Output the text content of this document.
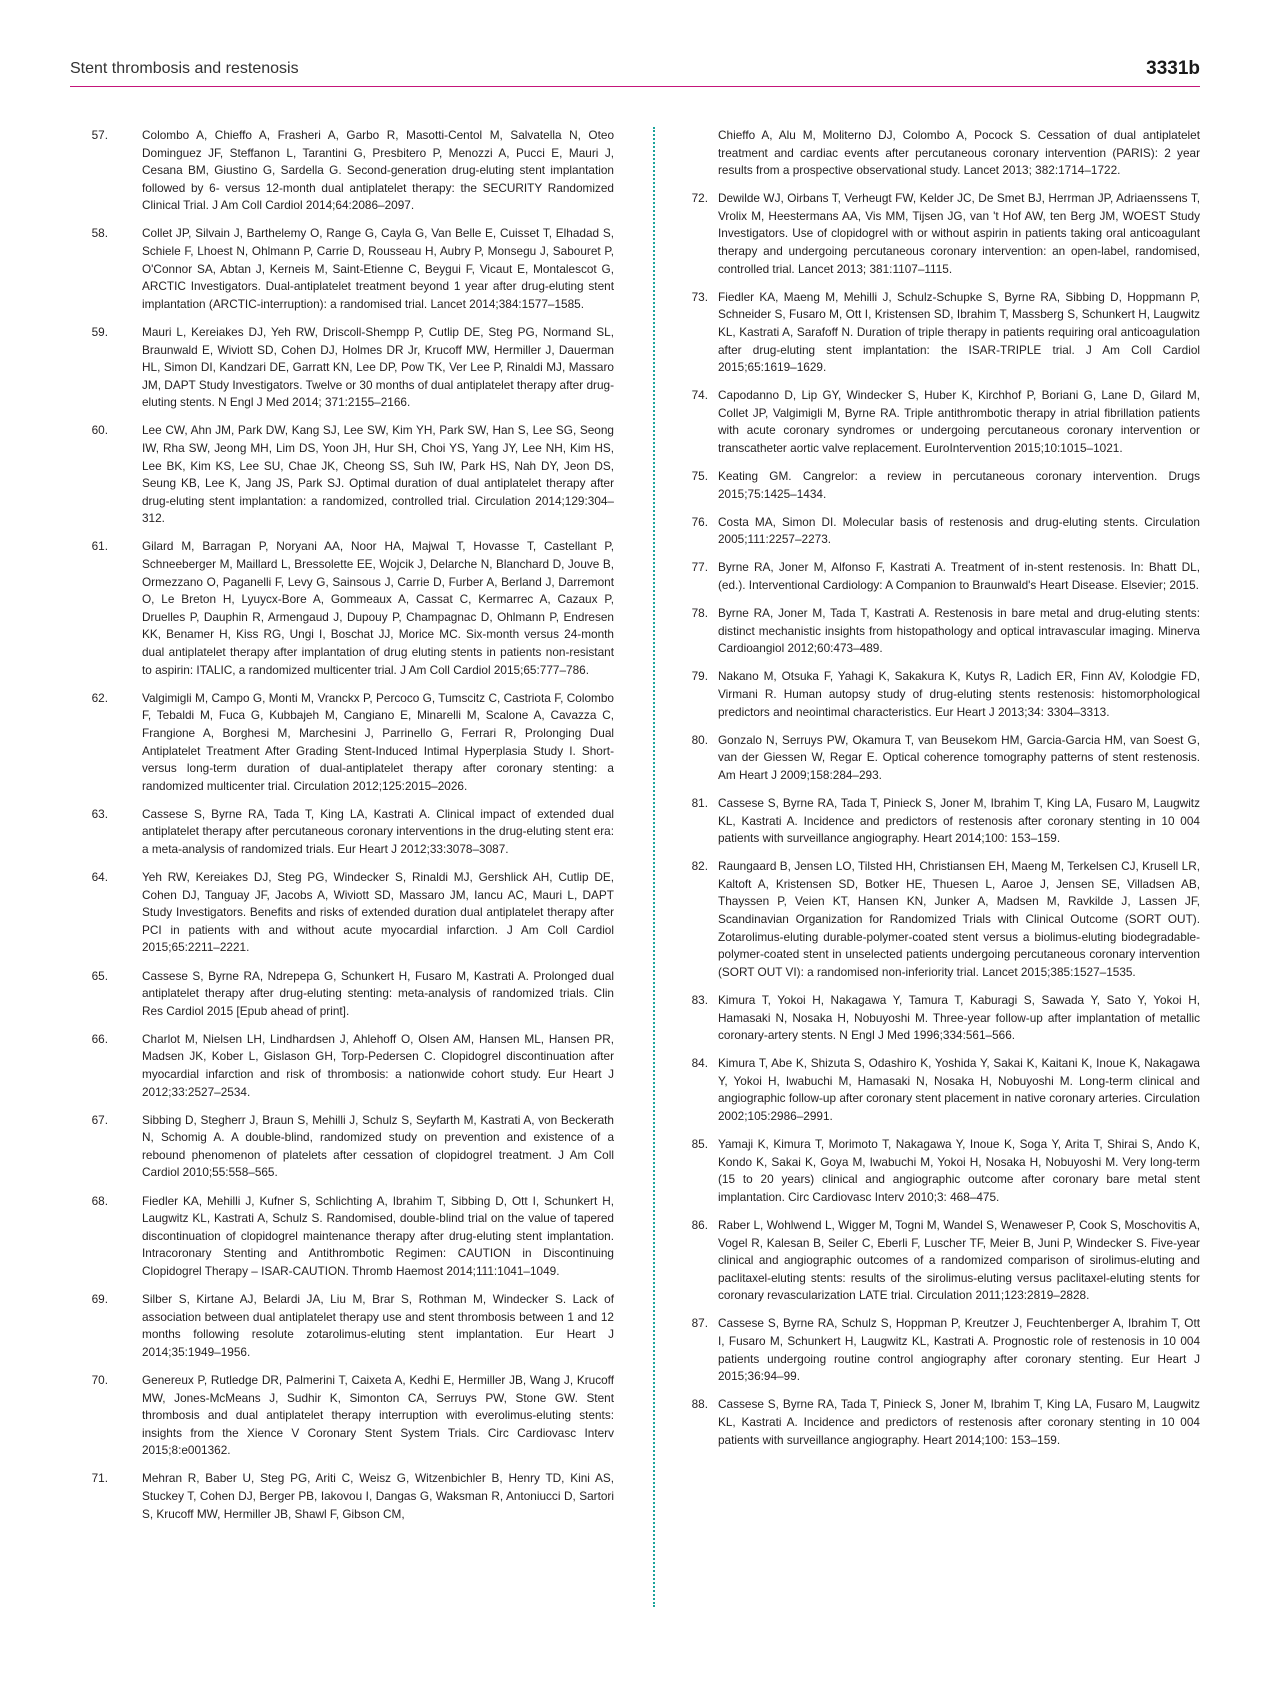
Stent thrombosis and restenosis	3331b
57.	Colombo A, Chieffo A, Frasheri A, Garbo R, Masotti-Centol M, Salvatella N, Oteo Dominguez JF, Steffanon L, Tarantini G, Presbitero P, Menozzi A, Pucci E, Mauri J, Cesana BM, Giustino G, Sardella G. Second-generation drug-eluting stent implantation followed by 6- versus 12-month dual antiplatelet therapy: the SECURITY Randomized Clinical Trial. J Am Coll Cardiol 2014;64:2086–2097.
58.	Collet JP, Silvain J, Barthelemy O, Range G, Cayla G, Van Belle E, Cuisset T, Elhadad S, Schiele F, Lhoest N, Ohlmann P, Carrie D, Rousseau H, Aubry P, Monsegu J, Sabouret P, O'Connor SA, Abtan J, Kerneis M, Saint-Etienne C, Beygui F, Vicaut E, Montalescot G, ARCTIC Investigators. Dual-antiplatelet treatment beyond 1 year after drug-eluting stent implantation (ARCTIC-interruption): a randomised trial. Lancet 2014;384:1577–1585.
59.	Mauri L, Kereiakes DJ, Yeh RW, Driscoll-Shempp P, Cutlip DE, Steg PG, Normand SL, Braunwald E, Wiviott SD, Cohen DJ, Holmes DR Jr, Krucoff MW, Hermiller J, Dauerman HL, Simon DI, Kandzari DE, Garratt KN, Lee DP, Pow TK, Ver Lee P, Rinaldi MJ, Massaro JM, DAPT Study Investigators. Twelve or 30 months of dual antiplatelet therapy after drug-eluting stents. N Engl J Med 2014; 371:2155–2166.
60.	Lee CW, Ahn JM, Park DW, Kang SJ, Lee SW, Kim YH, Park SW, Han S, Lee SG, Seong IW, Rha SW, Jeong MH, Lim DS, Yoon JH, Hur SH, Choi YS, Yang JY, Lee NH, Kim HS, Lee BK, Kim KS, Lee SU, Chae JK, Cheong SS, Suh IW, Park HS, Nah DY, Jeon DS, Seung KB, Lee K, Jang JS, Park SJ. Optimal duration of dual antiplatelet therapy after drug-eluting stent implantation: a randomized, controlled trial. Circulation 2014;129:304–312.
61.	Gilard M, Barragan P, Noryani AA, Noor HA, Majwal T, Hovasse T, Castellant P, Schneeberger M, Maillard L, Bressolette EE, Wojcik J, Delarche N, Blanchard D, Jouve B, Ormezzano O, Paganelli F, Levy G, Sainsous J, Carrie D, Furber A, Berland J, Darremont O, Le Breton H, Lyuycx-Bore A, Gommeaux A, Cassat C, Kermarrec A, Cazaux P, Druelles P, Dauphin R, Armengaud J, Dupouy P, Champagnac D, Ohlmann P, Endresen KK, Benamer H, Kiss RG, Ungi I, Boschat JJ, Morice MC. Six-month versus 24-month dual antiplatelet therapy after implantation of drug eluting stents in patients non-resistant to aspirin: ITALIC, a randomized multicenter trial. J Am Coll Cardiol 2015;65:777–786.
62.	Valgimigli M, Campo G, Monti M, Vranckx P, Percoco G, Tumscitz C, Castriota F, Colombo F, Tebaldi M, Fuca G, Kubbajeh M, Cangiano E, Minarelli M, Scalone A, Cavazza C, Frangione A, Borghesi M, Marchesini J, Parrinello G, Ferrari R, Prolonging Dual Antiplatelet Treatment After Grading Stent-Induced Intimal Hyperplasia Study I. Short- versus long-term duration of dual-antiplatelet therapy after coronary stenting: a randomized multicenter trial. Circulation 2012;125:2015–2026.
63.	Cassese S, Byrne RA, Tada T, King LA, Kastrati A. Clinical impact of extended dual antiplatelet therapy after percutaneous coronary interventions in the drug-eluting stent era: a meta-analysis of randomized trials. Eur Heart J 2012;33:3078–3087.
64.	Yeh RW, Kereiakes DJ, Steg PG, Windecker S, Rinaldi MJ, Gershlick AH, Cutlip DE, Cohen DJ, Tanguay JF, Jacobs A, Wiviott SD, Massaro JM, Iancu AC, Mauri L, DAPT Study Investigators. Benefits and risks of extended duration dual antiplatelet therapy after PCI in patients with and without acute myocardial infarction. J Am Coll Cardiol 2015;65:2211–2221.
65.	Cassese S, Byrne RA, Ndrepepa G, Schunkert H, Fusaro M, Kastrati A. Prolonged dual antiplatelet therapy after drug-eluting stenting: meta-analysis of randomized trials. Clin Res Cardiol 2015 [Epub ahead of print].
66.	Charlot M, Nielsen LH, Lindhardsen J, Ahlehoff O, Olsen AM, Hansen ML, Hansen PR, Madsen JK, Kober L, Gislason GH, Torp-Pedersen C. Clopidogrel discontinuation after myocardial infarction and risk of thrombosis: a nationwide cohort study. Eur Heart J 2012;33:2527–2534.
67.	Sibbing D, Stegherr J, Braun S, Mehilli J, Schulz S, Seyfarth M, Kastrati A, von Beckerath N, Schomig A. A double-blind, randomized study on prevention and existence of a rebound phenomenon of platelets after cessation of clopidogrel treatment. J Am Coll Cardiol 2010;55:558–565.
68.	Fiedler KA, Mehilli J, Kufner S, Schlichting A, Ibrahim T, Sibbing D, Ott I, Schunkert H, Laugwitz KL, Kastrati A, Schulz S. Randomised, double-blind trial on the value of tapered discontinuation of clopidogrel maintenance therapy after drug-eluting stent implantation. Intracoronary Stenting and Antithrombotic Regimen: CAUTION in Discontinuing Clopidogrel Therapy – ISAR-CAUTION. Thromb Haemost 2014;111:1041–1049.
69.	Silber S, Kirtane AJ, Belardi JA, Liu M, Brar S, Rothman M, Windecker S. Lack of association between dual antiplatelet therapy use and stent thrombosis between 1 and 12 months following resolute zotarolimus-eluting stent implantation. Eur Heart J 2014;35:1949–1956.
70.	Genereux P, Rutledge DR, Palmerini T, Caixeta A, Kedhi E, Hermiller JB, Wang J, Krucoff MW, Jones-McMeans J, Sudhir K, Simonton CA, Serruys PW, Stone GW. Stent thrombosis and dual antiplatelet therapy interruption with everolimus-eluting stents: insights from the Xience V Coronary Stent System Trials. Circ Cardiovasc Interv 2015;8:e001362.
71.	Mehran R, Baber U, Steg PG, Ariti C, Weisz G, Witzenbichler B, Henry TD, Kini AS, Stuckey T, Cohen DJ, Berger PB, Iakovou I, Dangas G, Waksman R, Antoniucci D, Sartori S, Krucoff MW, Hermiller JB, Shawl F, Gibson CM,
Chieffo A, Alu M, Moliterno DJ, Colombo A, Pocock S. Cessation of dual antiplatelet treatment and cardiac events after percutaneous coronary intervention (PARIS): 2 year results from a prospective observational study. Lancet 2013; 382:1714–1722.
72. Dewilde WJ, Oirbans T, Verheugt FW, Kelder JC, De Smet BJ, Herrman JP, Adriaenssens T, Vrolix M, Heestermans AA, Vis MM, Tijsen JG, van 't Hof AW, ten Berg JM, WOEST Study Investigators. Use of clopidogrel with or without aspirin in patients taking oral anticoagulant therapy and undergoing percutaneous coronary intervention: an open-label, randomised, controlled trial. Lancet 2013; 381:1107–1115.
73. Fiedler KA, Maeng M, Mehilli J, Schulz-Schupke S, Byrne RA, Sibbing D, Hoppmann P, Schneider S, Fusaro M, Ott I, Kristensen SD, Ibrahim T, Massberg S, Schunkert H, Laugwitz KL, Kastrati A, Sarafoff N. Duration of triple therapy in patients requiring oral anticoagulation after drug-eluting stent implantation: the ISAR-TRIPLE trial. J Am Coll Cardiol 2015;65:1619–1629.
74. Capodanno D, Lip GY, Windecker S, Huber K, Kirchhof P, Boriani G, Lane D, Gilard M, Collet JP, Valgimigli M, Byrne RA. Triple antithrombotic therapy in atrial fibrillation patients with acute coronary syndromes or undergoing percutaneous coronary intervention or transcatheter aortic valve replacement. EuroIntervention 2015;10:1015–1021.
75. Keating GM. Cangrelor: a review in percutaneous coronary intervention. Drugs 2015;75:1425–1434.
76. Costa MA, Simon DI. Molecular basis of restenosis and drug-eluting stents. Circulation 2005;111:2257–2273.
77. Byrne RA, Joner M, Alfonso F, Kastrati A. Treatment of in-stent restenosis. In: Bhatt DL, (ed.). Interventional Cardiology: A Companion to Braunwald's Heart Disease. Elsevier; 2015.
78. Byrne RA, Joner M, Tada T, Kastrati A. Restenosis in bare metal and drug-eluting stents: distinct mechanistic insights from histopathology and optical intravascular imaging. Minerva Cardioangiol 2012;60:473–489.
79. Nakano M, Otsuka F, Yahagi K, Sakakura K, Kutys R, Ladich ER, Finn AV, Kolodgie FD, Virmani R. Human autopsy study of drug-eluting stents restenosis: histomorphological predictors and neointimal characteristics. Eur Heart J 2013;34: 3304–3313.
80. Gonzalo N, Serruys PW, Okamura T, van Beusekom HM, Garcia-Garcia HM, van Soest G, van der Giessen W, Regar E. Optical coherence tomography patterns of stent restenosis. Am Heart J 2009;158:284–293.
81. Cassese S, Byrne RA, Tada T, Pinieck S, Joner M, Ibrahim T, King LA, Fusaro M, Laugwitz KL, Kastrati A. Incidence and predictors of restenosis after coronary stenting in 10 004 patients with surveillance angiography. Heart 2014;100: 153–159.
82. Raungaard B, Jensen LO, Tilsted HH, Christiansen EH, Maeng M, Terkelsen CJ, Krusell LR, Kaltoft A, Kristensen SD, Botker HE, Thuesen L, Aaroe J, Jensen SE, Villadsen AB, Thayssen P, Veien KT, Hansen KN, Junker A, Madsen M, Ravkilde J, Lassen JF, Scandinavian Organization for Randomized Trials with Clinical Outcome (SORT OUT). Zotarolimus-eluting durable-polymer-coated stent versus a biolimus-eluting biodegradable-polymer-coated stent in unselected patients undergoing percutaneous coronary intervention (SORT OUT VI): a randomised non-inferiority trial. Lancet 2015;385:1527–1535.
83. Kimura T, Yokoi H, Nakagawa Y, Tamura T, Kaburagi S, Sawada Y, Sato Y, Yokoi H, Hamasaki N, Nosaka H, Nobuyoshi M. Three-year follow-up after implantation of metallic coronary-artery stents. N Engl J Med 1996;334:561–566.
84. Kimura T, Abe K, Shizuta S, Odashiro K, Yoshida Y, Sakai K, Kaitani K, Inoue K, Nakagawa Y, Yokoi H, Iwabuchi M, Hamasaki N, Nosaka H, Nobuyoshi M. Long-term clinical and angiographic follow-up after coronary stent placement in native coronary arteries. Circulation 2002;105:2986–2991.
85. Yamaji K, Kimura T, Morimoto T, Nakagawa Y, Inoue K, Soga Y, Arita T, Shirai S, Ando K, Kondo K, Sakai K, Goya M, Iwabuchi M, Yokoi H, Nosaka H, Nobuyoshi M. Very long-term (15 to 20 years) clinical and angiographic outcome after coronary bare metal stent implantation. Circ Cardiovasc Interv 2010;3: 468–475.
86. Raber L, Wohlwend L, Wigger M, Togni M, Wandel S, Wenaweser P, Cook S, Moschovitis A, Vogel R, Kalesan B, Seiler C, Eberli F, Luscher TF, Meier B, Juni P, Windecker S. Five-year clinical and angiographic outcomes of a randomized comparison of sirolimus-eluting and paclitaxel-eluting stents: results of the sirolimus-eluting versus paclitaxel-eluting stents for coronary revascularization LATE trial. Circulation 2011;123:2819–2828.
87. Cassese S, Byrne RA, Schulz S, Hoppman P, Kreutzer J, Feuchtenberger A, Ibrahim T, Ott I, Fusaro M, Schunkert H, Laugwitz KL, Kastrati A. Prognostic role of restenosis in 10 004 patients undergoing routine control angiography after coronary stenting. Eur Heart J 2015;36:94–99.
88. Cassese S, Byrne RA, Tada T, Pinieck S, Joner M, Ibrahim T, King LA, Fusaro M, Laugwitz KL, Kastrati A. Incidence and predictors of restenosis after coronary stenting in 10 004 patients with surveillance angiography. Heart 2014;100: 153–159.
